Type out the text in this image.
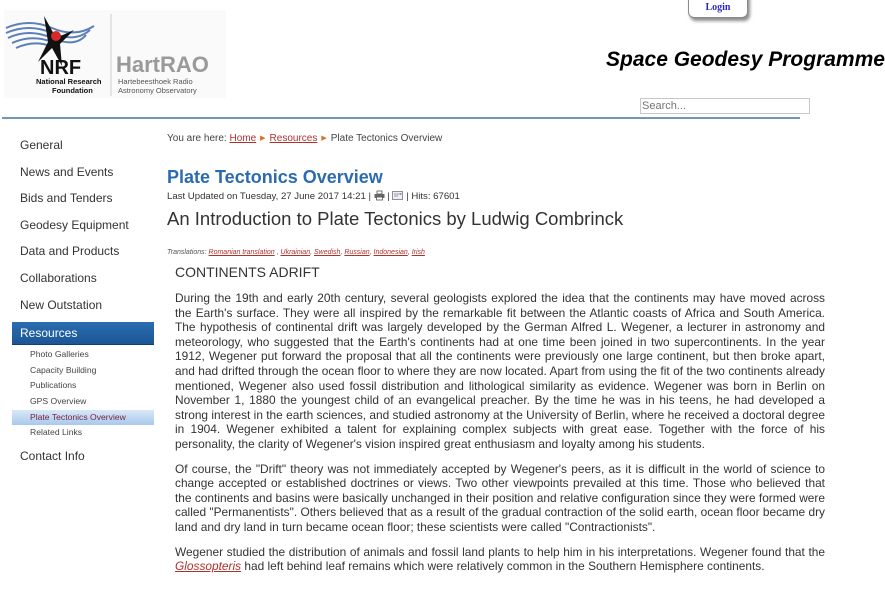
NRF
National Research
Foundation
HartRAO
Hartebeesthoek Radio
Astronomy Observatory
Login
Space Geodesy Programme
Search...
General
News and Events
Bids and Tenders
Geodesy Equipment
Data and Products
Collaborations
New Outstation
Resources
Photo Galleries
Capacity Building
Publications
GPS Overview
Plate Tectonics Overview
Related Links
Contact Info
You are here: Home ▶ Resources ▶ Plate Tectonics Overview
Plate Tectonics Overview
Last Updated on Tuesday, 27 June 2017 14:21 | | | Hits: 67601
An Introduction to Plate Tectonics by Ludwig Combrinck
Translations: Romanian translation , Ukrainian, Swedish, Russian, Indonesian, Irish
CONTINENTS ADRIFT

During the 19th and early 20th century, several geologists explored the idea that the continents may have moved across the Earth's surface. They were all inspired by the remarkable fit between the Atlantic coasts of Africa and South America. The hypothesis of continental drift was largely developed by the German Alfred L. Wegener, a lecturer in astronomy and meteorology, who suggested that the Earth's continents had at one time been joined in two supercontinents. In the year 1912, Wegener put forward the proposal that all the continents were previously one large continent, but then broke apart, and had drifted through the ocean floor to where they are now located. Apart from using the fit of the two continents already mentioned, Wegener also used fossil distribution and lithological similarity as evidence. Wegener was born in Berlin on November 1, 1880 the youngest child of an evangelical preacher. By the time he was in his teens, he had developed a strong interest in the earth sciences, and studied astronomy at the University of Berlin, where he received a doctoral degree in 1904. Wegener exhibited a talent for explaining complex subjects with great ease. Together with the force of his personality, the clarity of Wegener's vision inspired great enthusiasm and loyalty among his students.

Of course, the "Drift" theory was not immediately accepted by Wegener's peers, as it is difficult in the world of science to change accepted or established doctrines or views. Two other viewpoints prevailed at this time. Those who believed that the continents and basins were basically unchanged in their position and relative configuration since they were formed were called "Permanentists". Others believed that as a result of the gradual contraction of the solid earth, ocean floor became dry land and dry land in turn became ocean floor; these scientists were called "Contractionists".

Wegener studied the distribution of animals and fossil land plants to help him in his interpretations. Wegener found that the Glossopteris had left behind leaf remains which were relatively common in the Southern Hemisphere continents.
